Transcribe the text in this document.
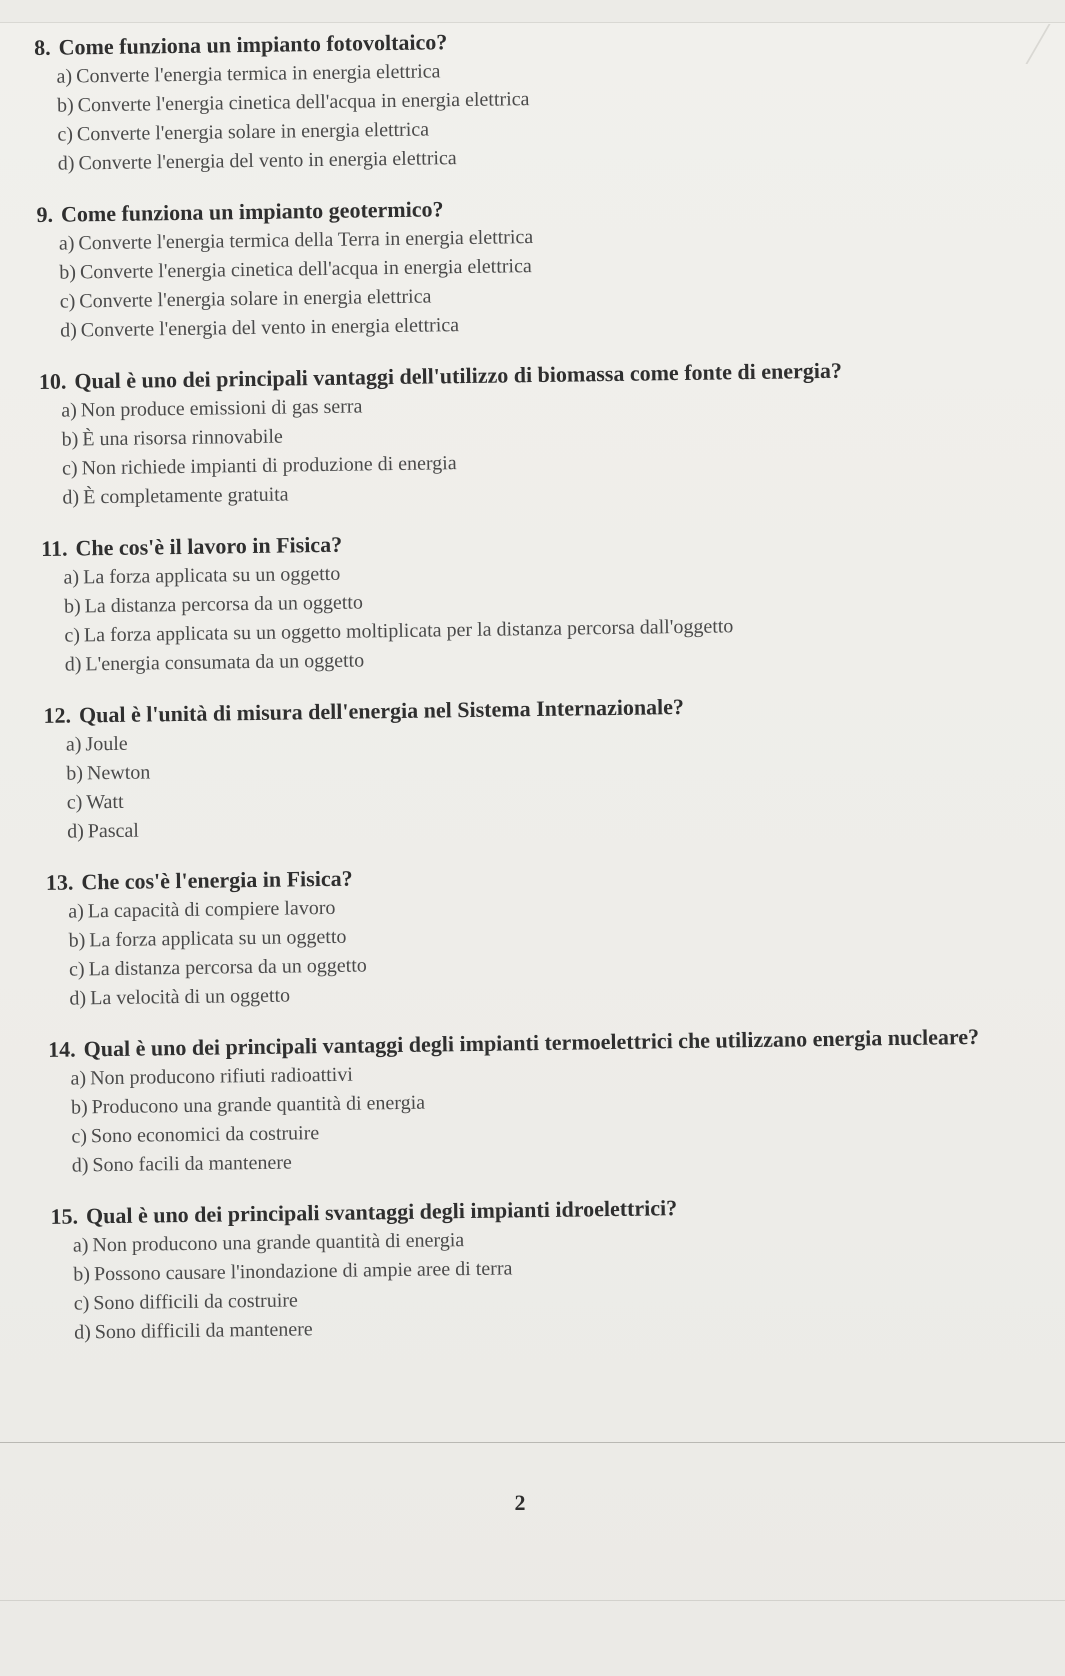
8. Come funziona un impianto fotovoltaico?

a) Converte l'energia termica in energia elettrica

b) Converte l'energia cinetica dell'acqua in energia elettrica

c) Converte l'energia solare in energia elettrica

d) Converte l'energia del vento in energia elettrica

9. Come funziona un impianto geotermico?

a) Converte l'energia termica della Terra in energia elettrica

b) Converte l'energia cinetica dell'acqua in energia elettrica

c) Converte l'energia solare in energia elettrica

d) Converte l'energia del vento in energia elettrica

10. Qual è uno dei principali vantaggi dell'utilizzo di biomassa come fonte di energia?

a) Non produce emissioni di gas serra

b) È una risorsa rinnovabile

c) Non richiede impianti di produzione di energia

d) È completamente gratuita

11. Che cos'è il lavoro in Fisica?

a) La forza applicata su un oggetto

b) La distanza percorsa da un oggetto

c) La forza applicata su un oggetto moltiplicata per la distanza percorsa dall'oggetto

d) L'energia consumata da un oggetto

12. Qual è l'unità di misura dell'energia nel Sistema Internazionale?

a) Joule

b) Newton

c) Watt

d) Pascal

13. Che cos'è l'energia in Fisica?

a) La capacità di compiere lavoro

b) La forza applicata su un oggetto

c) La distanza percorsa da un oggetto

d) La velocità di un oggetto

14. Qual è uno dei principali vantaggi degli impianti termoelettrici che utilizzano energia nucleare?

a) Non producono rifiuti radioattivi

b) Producono una grande quantità di energia

c) Sono economici da costruire

d) Sono facili da mantenere

15. Qual è uno dei principali svantaggi degli impianti idroelettrici?

a) Non producono una grande quantità di energia

b) Possono causare l'inondazione di ampie aree di terra

c) Sono difficili da costruire

d) Sono difficili da mantenere

2
